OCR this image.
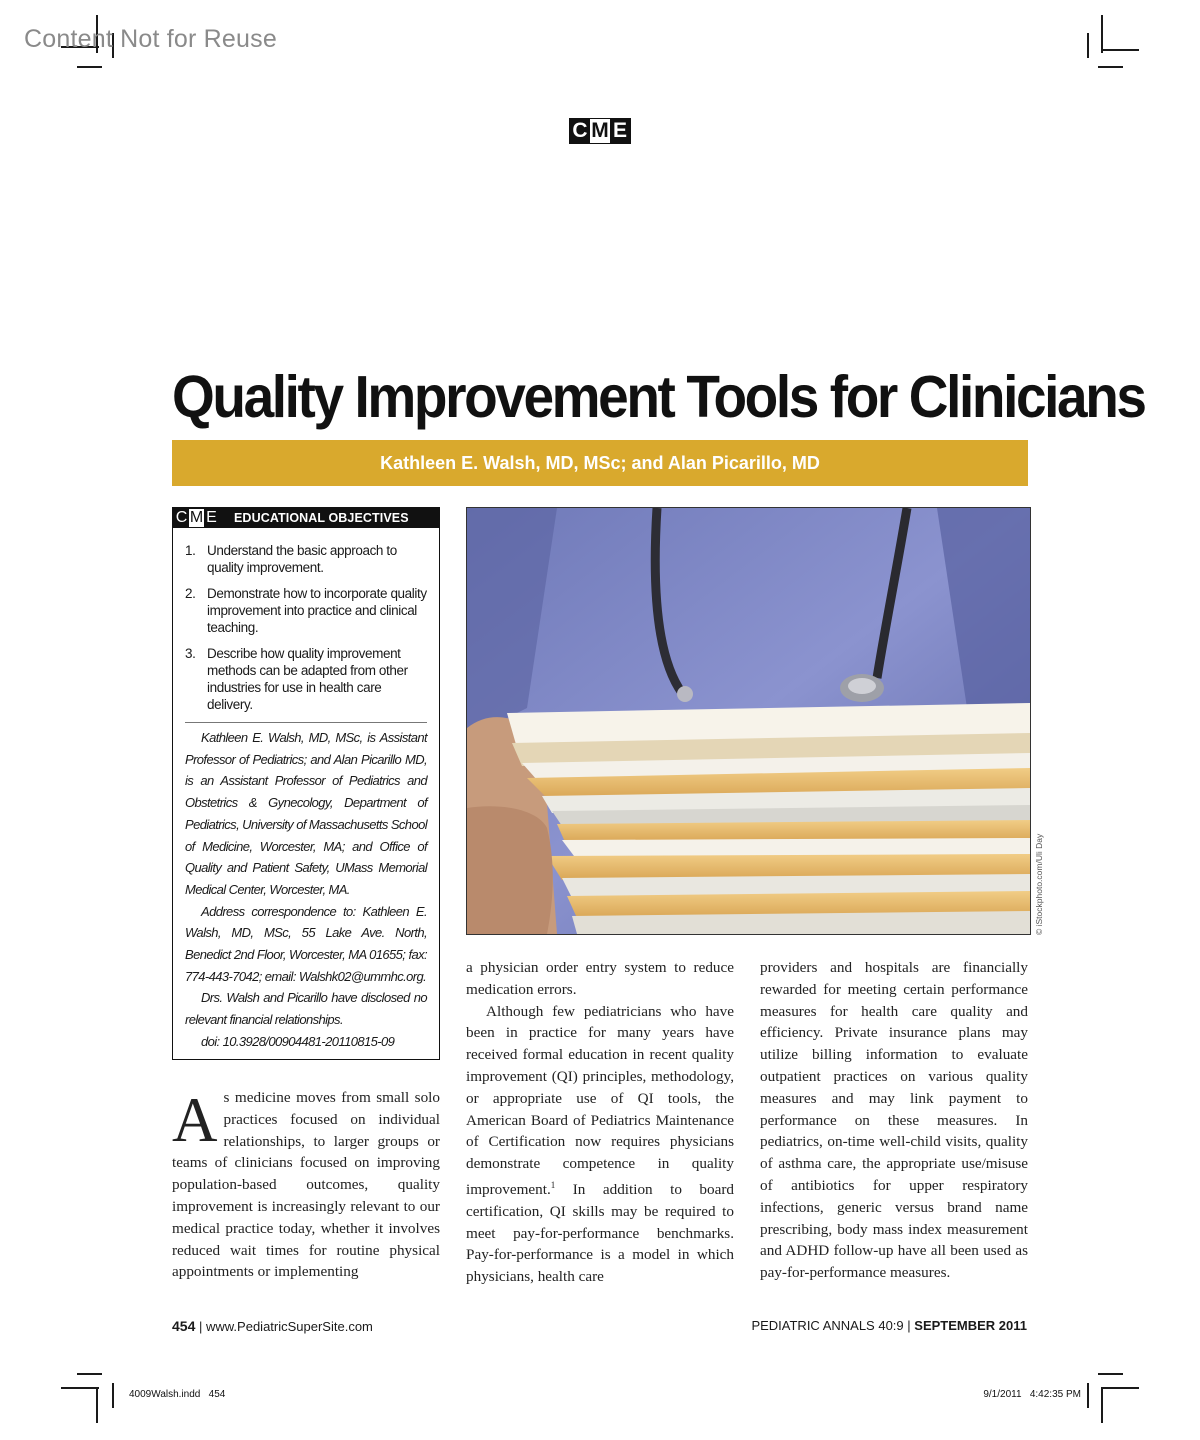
Content Not for Reuse
C M E
Quality Improvement Tools for Clinicians
Kathleen E. Walsh, MD, MSc; and Alan Picarillo, MD
C M E EDUCATIONAL OBJECTIVES
1. Understand the basic approach to quality improvement.
2. Demonstrate how to incorporate quality improvement into practice and clinical teaching.
3. Describe how quality improvement methods can be adapted from other industries for use in health care delivery.

Kathleen E. Walsh, MD, MSc, is Assistant Professor of Pediatrics; and Alan Picarillo MD, is an Assistant Professor of Pediatrics and Obstetrics & Gynecology, Department of Pediatrics, University of Massachusetts School of Medicine, Worcester, MA; and Office of Quality and Patient Safety, UMass Memorial Medical Center, Worcester, MA.

Address correspondence to: Kathleen E. Walsh, MD, MSc, 55 Lake Ave. North, Benedict 2nd Floor, Worcester, MA 01655; fax: 774-443-7042; email: Walshk02@ummhc.org.

Drs. Walsh and Picarillo have disclosed no relevant financial relationships.

doi: 10.3928/00904481-20110815-09

© iStockphoto.com/Uli Day
A s medicine moves from small solo practices focused on individual relationships, to larger groups or teams of clinicians focused on improving population-based outcomes, quality improvement is increasingly relevant to our medical practice today, whether it involves reduced wait times for routine physical appointments or implementing

a physician order entry system to reduce medication errors.

Although few pediatricians who have been in practice for many years have received formal education in recent quality improvement (QI) principles, methodology, or appropriate use of QI tools, the American Board of Pediatrics Maintenance of Certification now requires physicians demonstrate competence in quality improvement.$^1$ In addition to board certification, QI skills may be required to meet pay-for-performance benchmarks. Pay-for-performance is a model in which physicians, health care

providers and hospitals are financially rewarded for meeting certain performance measures for health care quality and efficiency. Private insurance plans may utilize billing information to evaluate outpatient practices on various quality measures and may link payment to performance on these measures. In pediatrics, on-time well-child visits, quality of asthma care, the appropriate use/misuse of antibiotics for upper respiratory infections, generic versus brand name prescribing, body mass index measurement and ADHD follow-up have all been used as pay-for-performance measures.

454 | www.PediatricSuperSite.com	PEDIATRIC ANNALS 40:9 | SEPTEMBER 2011
4009Walsh.indd   454	9/1/2011   4:42:35 PM
